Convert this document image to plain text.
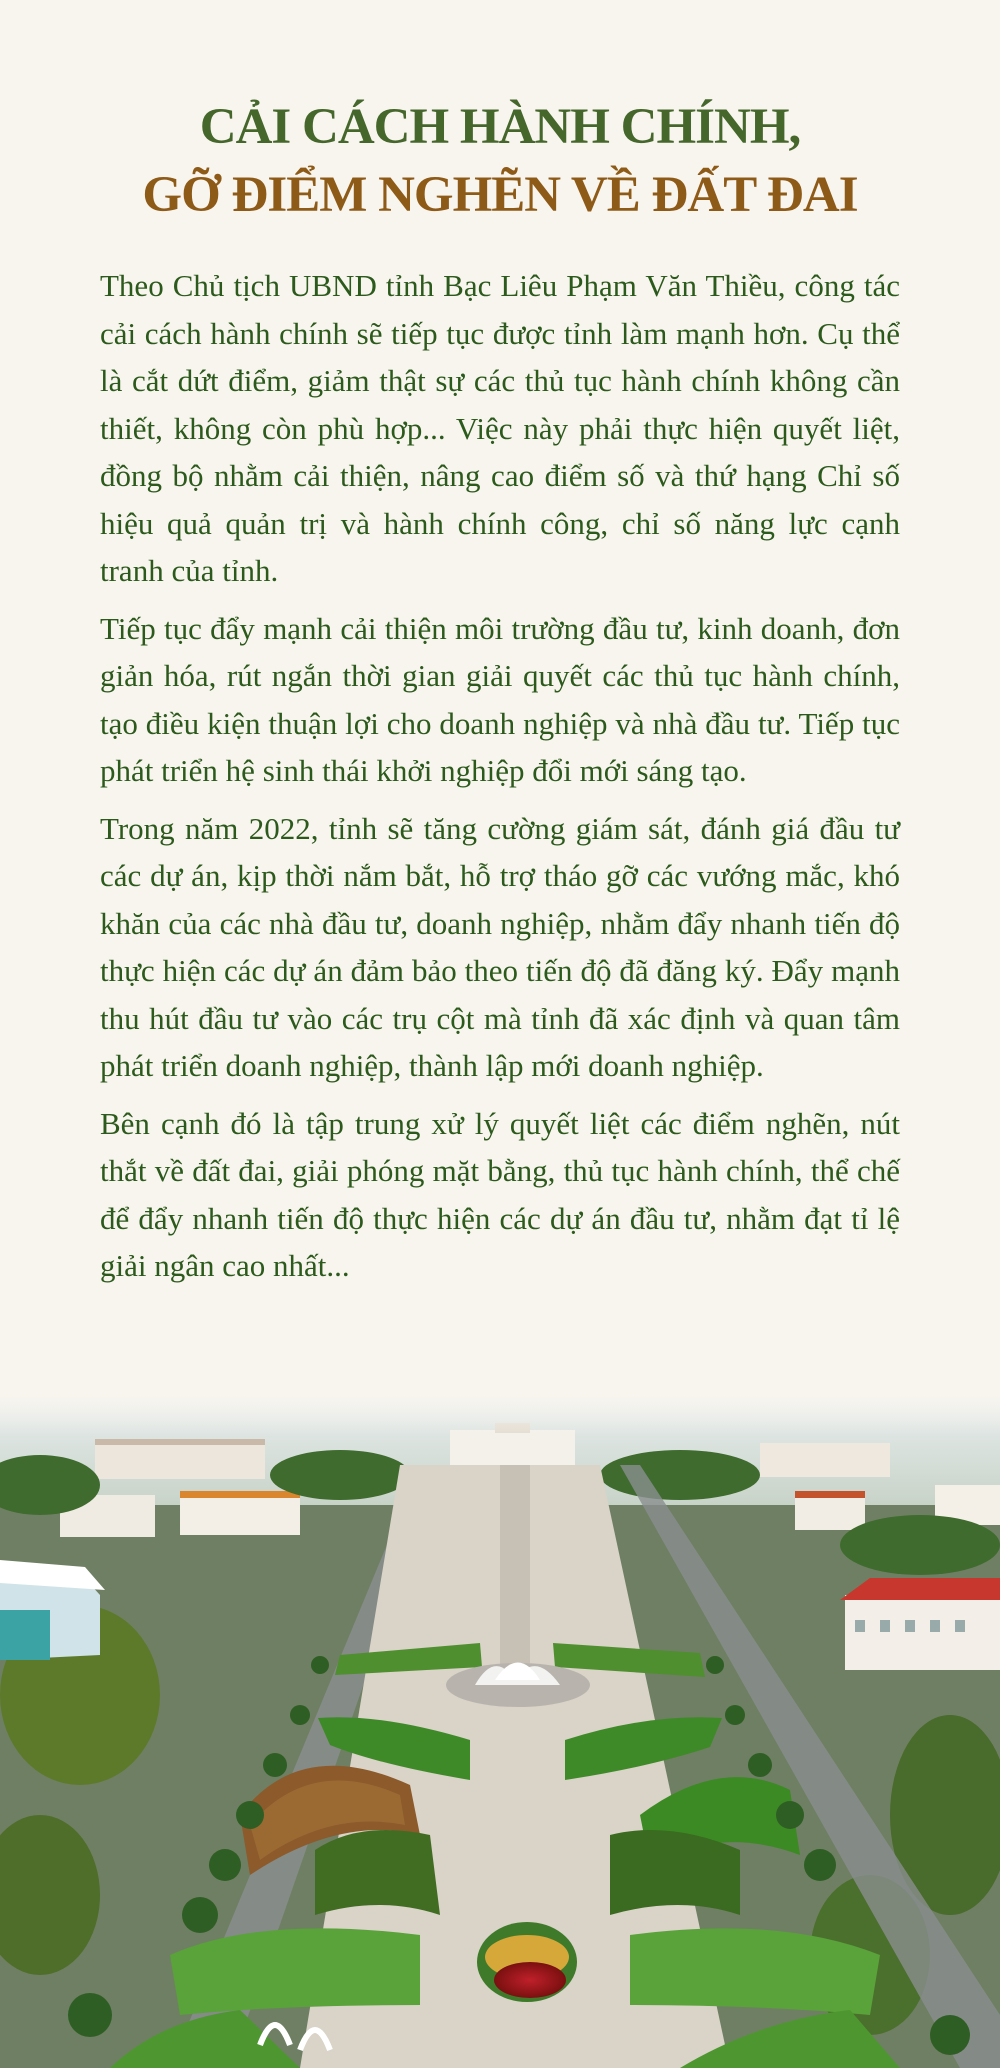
CẢI CÁCH HÀNH CHÍNH,
GỠ ĐIỂM NGHẼN VỀ ĐẤT ĐAI

Theo Chủ tịch UBND tỉnh Bạc Liêu Phạm Văn Thiều, công tác cải cách hành chính sẽ tiếp tục được tỉnh làm mạnh hơn. Cụ thể là cắt dứt điểm, giảm thật sự các thủ tục hành chính không cần thiết, không còn phù hợp... Việc này phải thực hiện quyết liệt, đồng bộ nhằm cải thiện, nâng cao điểm số và thứ hạng Chỉ số hiệu quả quản trị và hành chính công, chỉ số năng lực cạnh tranh của tỉnh.

Tiếp tục đẩy mạnh cải thiện môi trường đầu tư, kinh doanh, đơn giản hóa, rút ngắn thời gian giải quyết các thủ tục hành chính, tạo điều kiện thuận lợi cho doanh nghiệp và nhà đầu tư. Tiếp tục phát triển hệ sinh thái khởi nghiệp đổi mới sáng tạo.

Trong năm 2022, tỉnh sẽ tăng cường giám sát, đánh giá đầu tư các dự án, kịp thời nắm bắt, hỗ trợ tháo gỡ các vướng mắc, khó khăn của các nhà đầu tư, doanh nghiệp, nhằm đẩy nhanh tiến độ thực hiện các dự án đảm bảo theo tiến độ đã đăng ký. Đẩy mạnh thu hút đầu tư vào các trụ cột mà tỉnh đã xác định và quan tâm phát triển doanh nghiệp, thành lập mới doanh nghiệp.

Bên cạnh đó là tập trung xử lý quyết liệt các điểm nghẽn, nút thắt về đất đai, giải phóng mặt bằng, thủ tục hành chính, thể chế để đẩy nhanh tiến độ thực hiện các dự án đầu tư, nhằm đạt tỉ lệ giải ngân cao nhất...
